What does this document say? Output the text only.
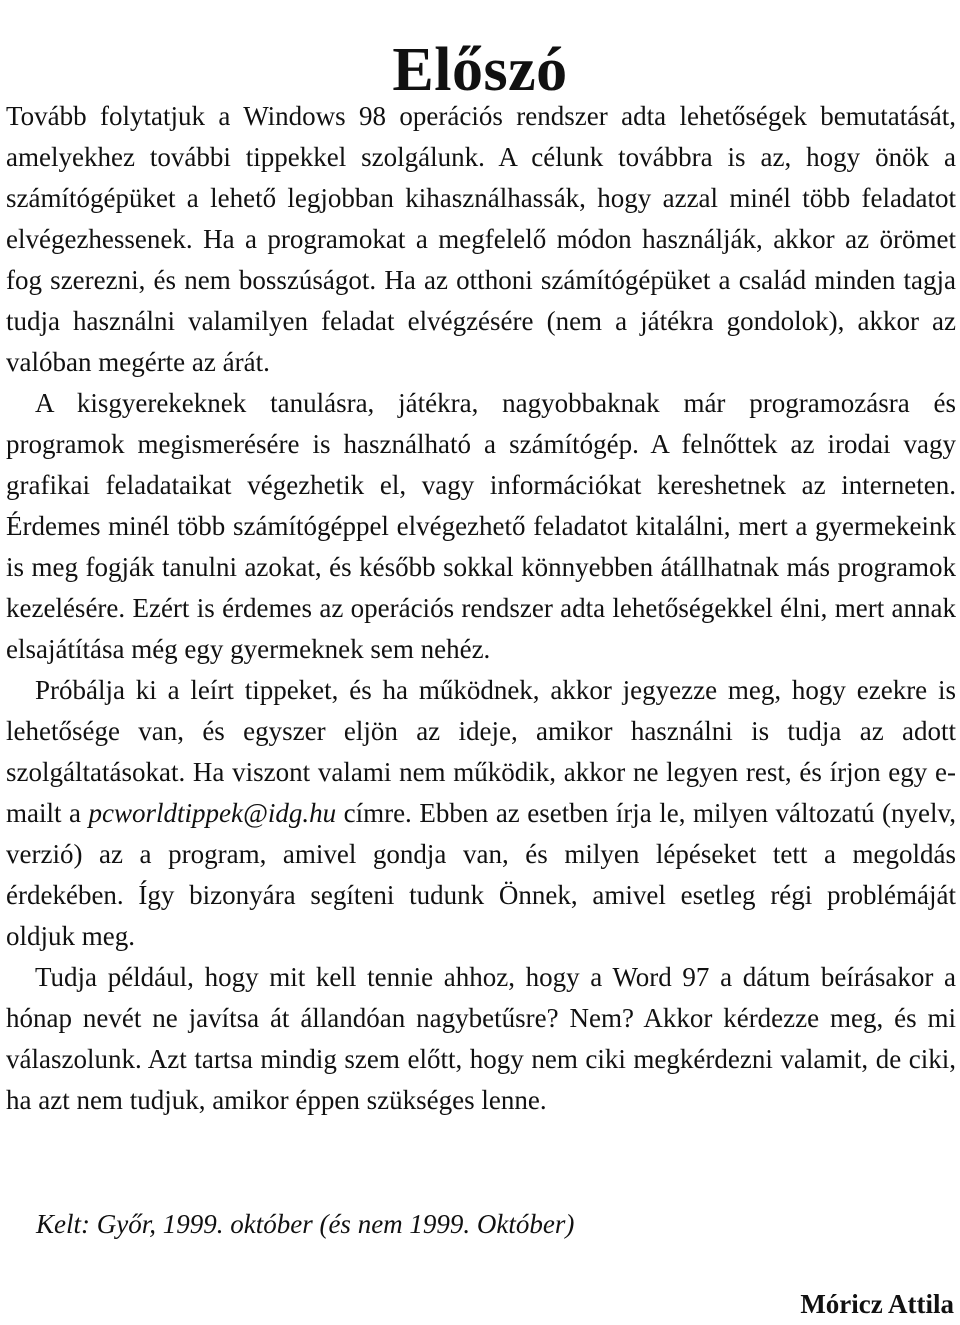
Előszó

Tovább folytatjuk a Windows 98 operációs rendszer adta lehetőségek bemutatását, amelyekhez további tippekkel szolgálunk. A célunk továbbra is az, hogy önök a számítógépüket a lehető legjobban kihasználhassák, hogy azzal minél több feladatot elvégezhessenek. Ha a programokat a megfelelő módon használják, akkor az örömet fog szerezni, és nem bosszúságot. Ha az otthoni számítógépüket a család minden tagja tudja használni valamilyen feladat elvégzésére (nem a játékra gondolok), akkor az valóban megérte az árát.

A kisgyerekeknek tanulásra, játékra, nagyobbaknak már programozásra és programok megismerésére is használható a számítógép. A felnőttek az irodai vagy grafikai feladataikat végezhetik el, vagy információkat kereshetnek az interneten. Érdemes minél több számítógéppel elvégezhető feladatot kitalálni, mert a gyermekeink is meg fogják tanulni azokat, és később sokkal könnyebben átállhatnak más programok kezelésére. Ezért is érdemes az operációs rendszer adta lehetőségekkel élni, mert annak elsajátítása még egy gyermeknek sem nehéz.

Próbálja ki a leírt tippeket, és ha működnek, akkor jegyezze meg, hogy ezekre is lehetősége van, és egyszer eljön az ideje, amikor használni is tudja az adott szolgáltatásokat. Ha viszont valami nem működik, akkor ne legyen rest, és írjon egy e-mailt a pcworldtippek@idg.hu címre. Ebben az esetben írja le, milyen változatú (nyelv, verzió) az a program, amivel gondja van, és milyen lépéseket tett a megoldás érdekében. Így bizonyára segíteni tudunk Önnek, amivel esetleg régi problémáját oldjuk meg.

Tudja például, hogy mit kell tennie ahhoz, hogy a Word 97 a dátum beírásakor a hónap nevét ne javítsa át állandóan nagybetűsre? Nem? Akkor kérdezze meg, és mi válaszolunk. Azt tartsa mindig szem előtt, hogy nem ciki megkérdezni valamit, de ciki, ha azt nem tudjuk, amikor éppen szükséges lenne.

Kelt: Győr, 1999. október (és nem 1999. Október)
Móricz Attila
